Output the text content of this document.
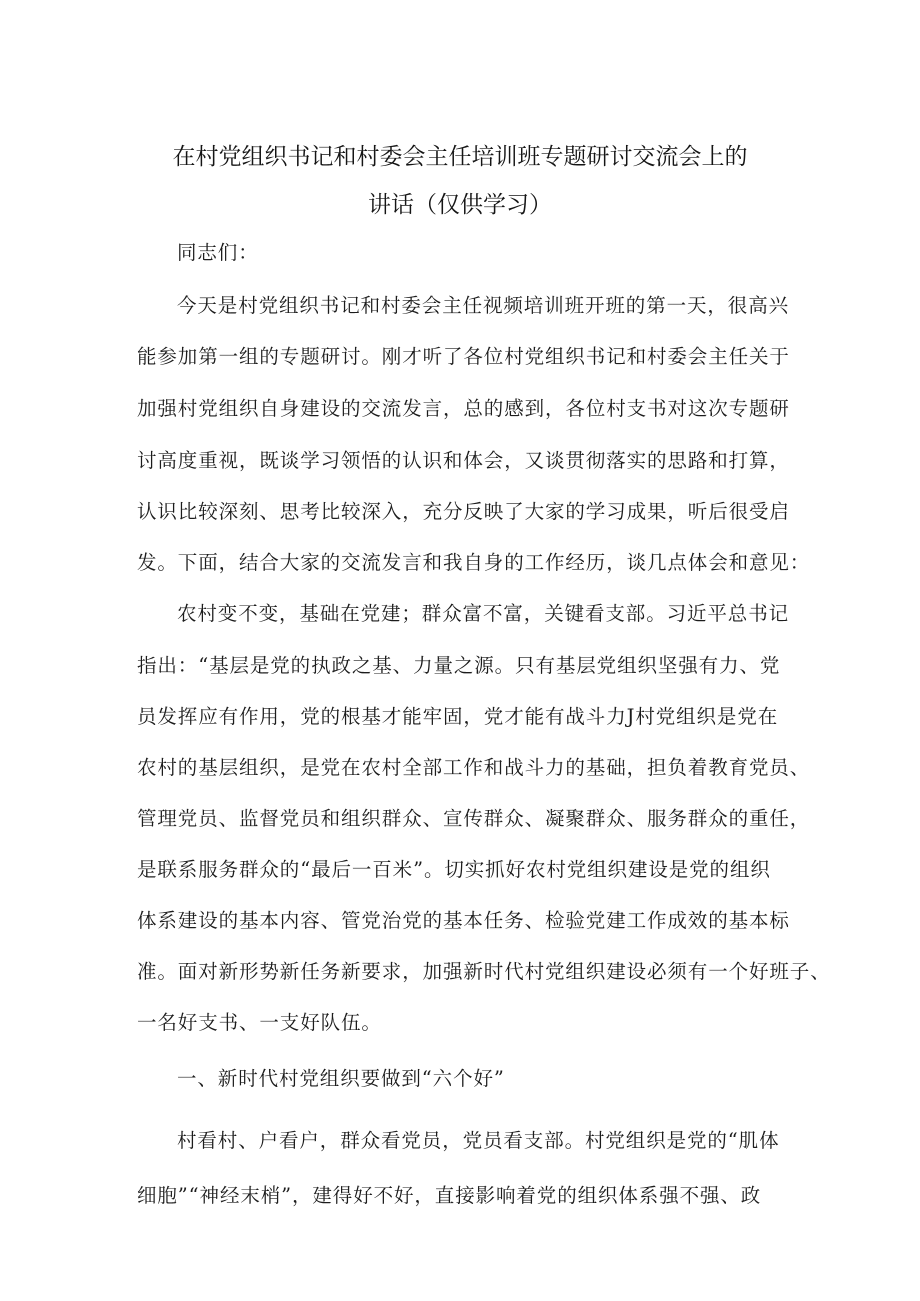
在村党组织书记和村委会主任培训班专题研讨交流会上的
讲话（仅供学习）
同志们：
今天是村党组织书记和村委会主任视频培训班开班的第一天，很高兴
能参加第一组的专题研讨。刚才听了各位村党组织书记和村委会主任关于
加强村党组织自身建设的交流发言，总的感到，各位村支书对这次专题研
讨高度重视，既谈学习领悟的认识和体会，又谈贯彻落实的思路和打算，
认识比较深刻、思考比较深入，充分反映了大家的学习成果，听后很受启
发。下面，结合大家的交流发言和我自身的工作经历，谈几点体会和意见：
农村变不变，基础在党建；群众富不富，关键看支部。习近平总书记
指出：“基层是党的执政之基、力量之源。只有基层党组织坚强有力、党
员发挥应有作用，党的根基才能牢固，党才能有战斗力J村党组织是党在
农村的基层组织，是党在农村全部工作和战斗力的基础，担负着教育党员、
管理党员、监督党员和组织群众、宣传群众、凝聚群众、服务群众的重任，
是联系服务群众的“最后一百米”。切实抓好农村党组织建设是党的组织
体系建设的基本内容、管党治党的基本任务、检验党建工作成效的基本标
准。面对新形势新任务新要求，加强新时代村党组织建设必须有一个好班子、
一名好支书、一支好队伍。
一、新时代村党组织要做到“六个好”
村看村、户看户，群众看党员，党员看支部。村党组织是党的“肌体
细胞”“神经末梢”，建得好不好，直接影响着党的组织体系强不强、政
